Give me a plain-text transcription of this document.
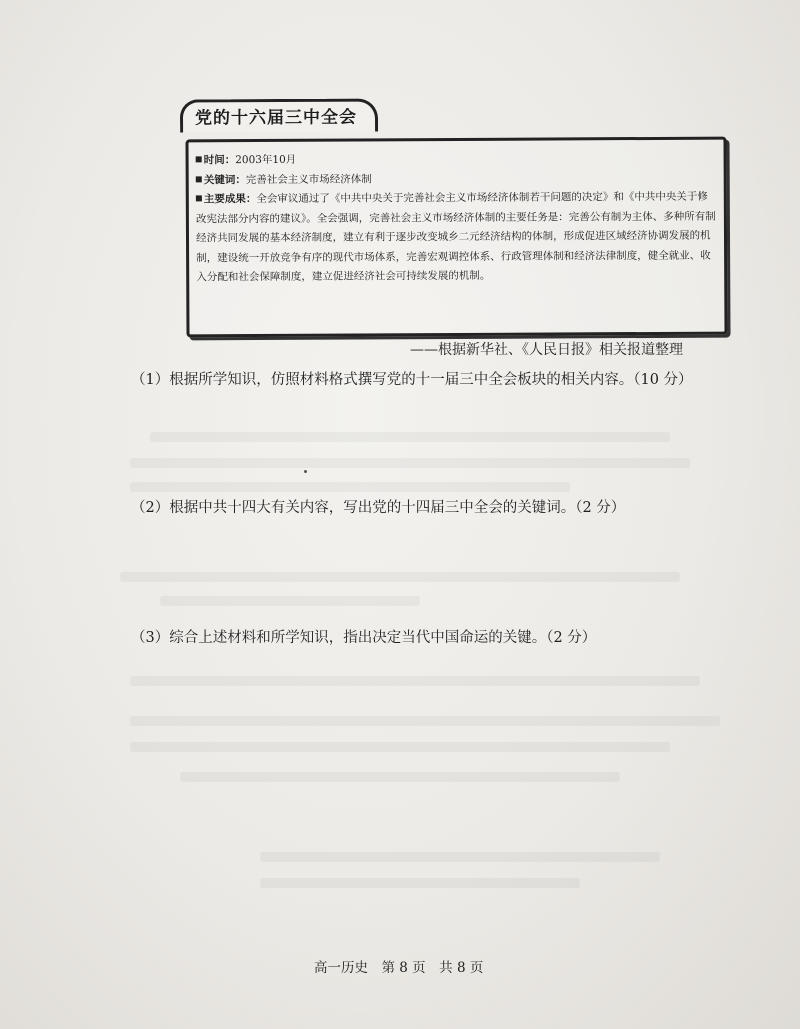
党的十六届三中全会

时间：2003年10月

关键词：完善社会主义市场经济体制

主要成果：全会审议通过了《中共中央关于完善社会主义市场经济体制若干问题的决定》和《中共中央关于修改宪法部分内容的建议》。全会强调，完善社会主义市场经济体制的主要任务是：完善公有制为主体、多种所有制经济共同发展的基本经济制度，建立有利于逐步改变城乡二元经济结构的体制，形成促进区域经济协调发展的机制，建设统一开放竞争有序的现代市场体系，完善宏观调控体系、行政管理体制和经济法律制度，健全就业、收入分配和社会保障制度，建立促进经济社会可持续发展的机制。

——根据新华社、《人民日报》相关报道整理
（1）根据所学知识，仿照材料格式撰写党的十一届三中全会板块的相关内容。（10 分）
（2）根据中共十四大有关内容，写出党的十四届三中全会的关键词。（2 分）
（3）综合上述材料和所学知识，指出决定当代中国命运的关键。（2 分）
高一历史　第 8 页　共 8 页
